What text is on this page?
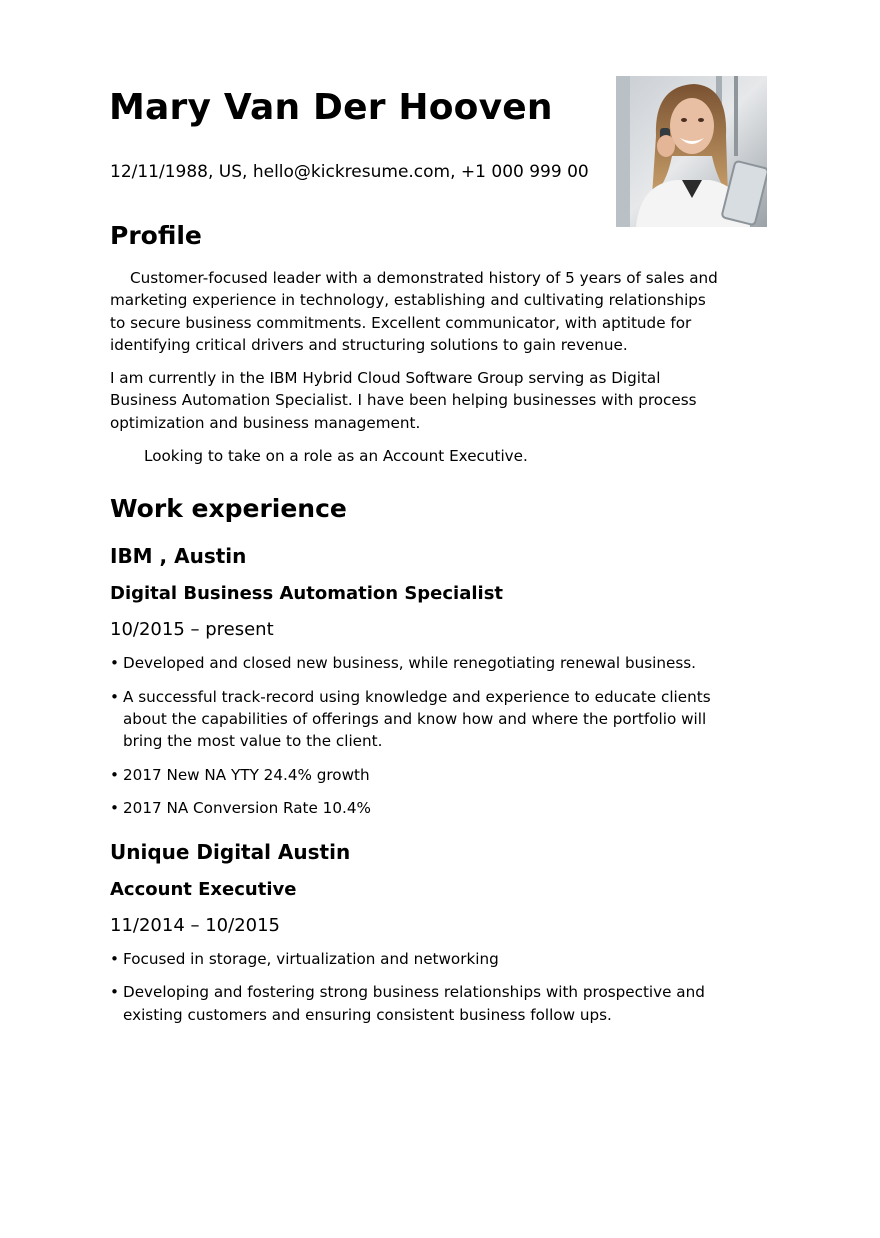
Mary Van Der Hooven

12/11/1988, US, hello@kickresume.com, +1 000 999 00

Profile

Customer-focused leader with a demonstrated history of 5 years of sales and marketing experience in technology, establishing and cultivating relationships to secure business commitments. Excellent communicator, with aptitude for identifying critical drivers and structuring solutions to gain revenue.

I am currently in the IBM Hybrid Cloud Software Group serving as Digital Business Automation Specialist. I have been helping businesses with process optimization and business management.

Looking to take on a role as an Account Executive.

Work experience
IBM , Austin
Digital Business Automation Specialist

10/2015 – present

• Developed and closed new business, while renegotiating renewal business.
• A successful track-record using knowledge and experience to educate clients about the capabilities of offerings and know how and where the portfolio will bring the most value to the client.
• 2017 New NA YTY 24.4% growth
• 2017 NA Conversion Rate 10.4%
Unique Digital Austin
Account Executive

11/2014 – 10/2015

• Focused in storage, virtualization and networking
• Developing and fostering strong business relationships with prospective and existing customers and ensuring consistent business follow ups.
